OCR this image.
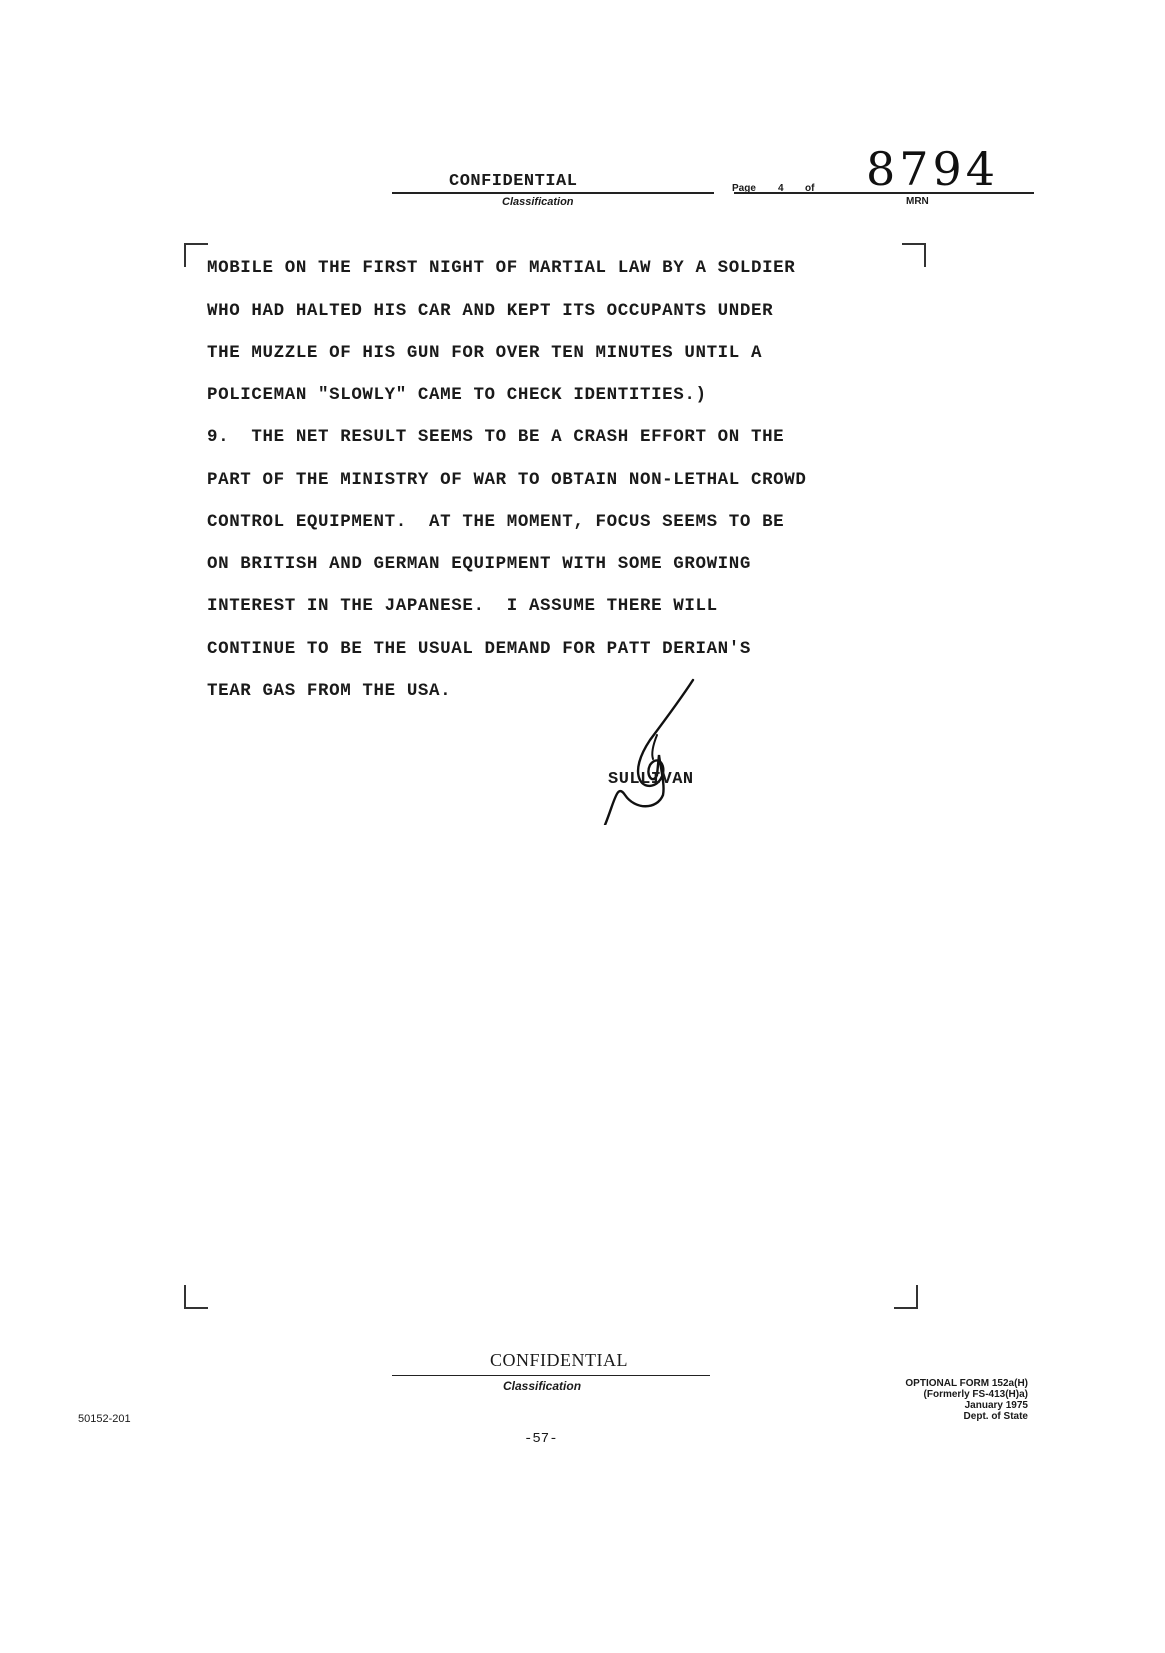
CONFIDENTIAL
Classification
Page 4 of 8794
MRN
MOBILE ON THE FIRST NIGHT OF MARTIAL LAW BY A SOLDIER
WHO HAD HALTED HIS CAR AND KEPT ITS OCCUPANTS UNDER
THE MUZZLE OF HIS GUN FOR OVER TEN MINUTES UNTIL A
POLICEMAN "SLOWLY" CAME TO CHECK IDENTITIES.)
9.  THE NET RESULT SEEMS TO BE A CRASH EFFORT ON THE
PART OF THE MINISTRY OF WAR TO OBTAIN NON-LETHAL CROWD
CONTROL EQUIPMENT.  AT THE MOMENT, FOCUS SEEMS TO BE
ON BRITISH AND GERMAN EQUIPMENT WITH SOME GROWING
INTEREST IN THE JAPANESE.  I ASSUME THERE WILL
CONTINUE TO BE THE USUAL DEMAND FOR PATT DERIAN'S
TEAR GAS FROM THE USA.
SULLIVAN
CONFIDENTIAL
Classification	OPTIONAL FORM 152a(H)
(Formerly FS-413(H)a)
January 1975
Dept. of State
50152-201
-57-
